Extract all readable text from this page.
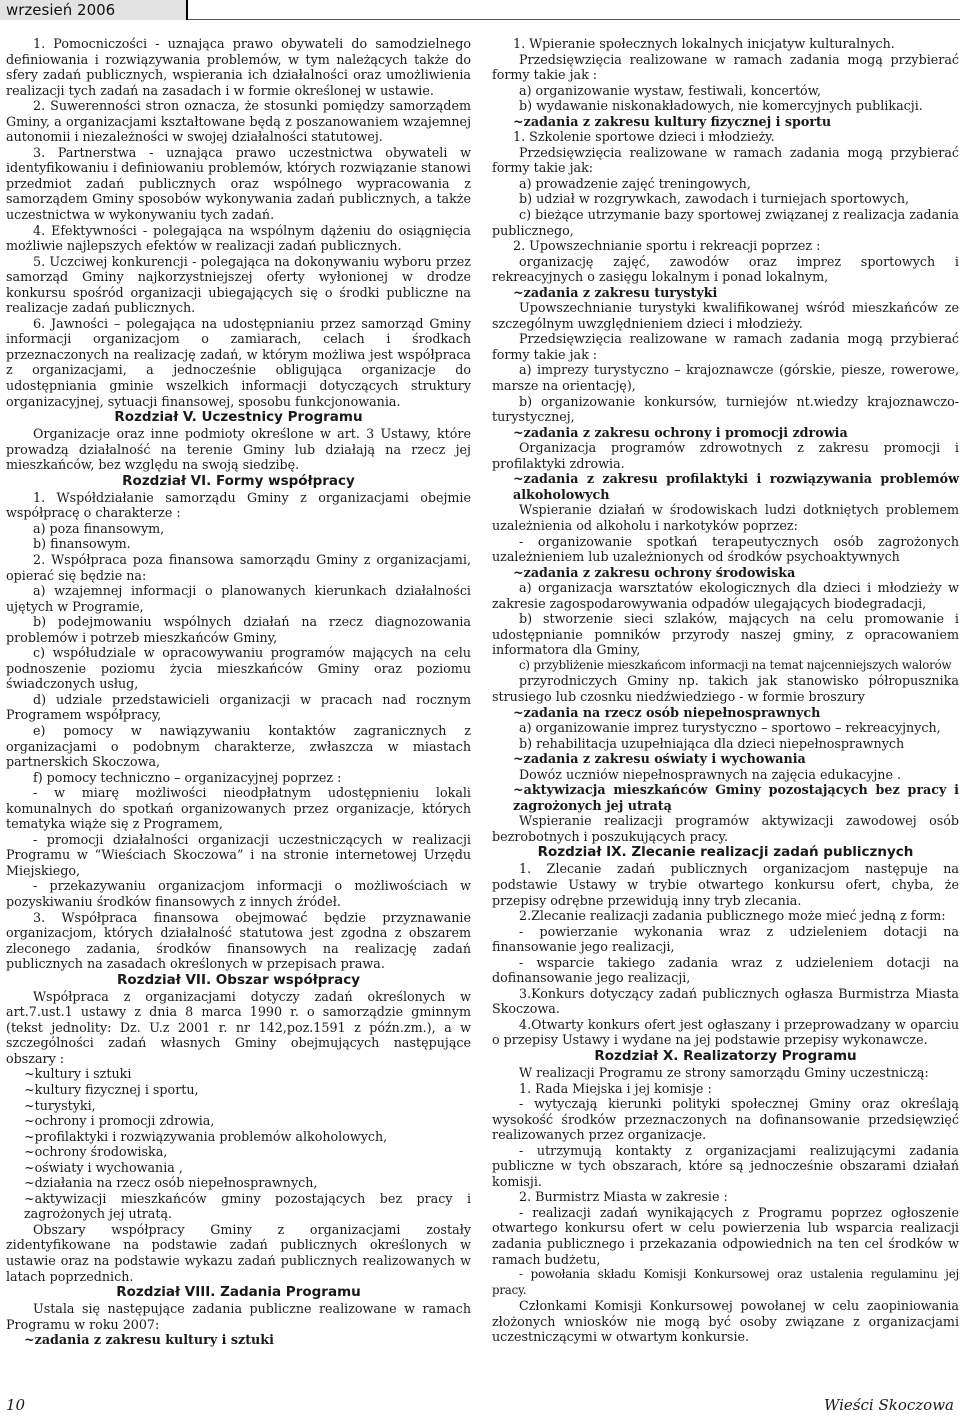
wrzesień 2006

1. Pomocniczości - uznająca prawo obywateli do samodzielnego definiowania i rozwiązywania problemów, w tym należących także do sfery zadań publicznych, wspierania ich działalności oraz umożliwienia realizacji tych zadań na zasadach i w formie określonej w ustawie.

2. Suwerenności stron oznacza, że stosunki pomiędzy samorządem Gminy, a organizacjami kształtowane będą z poszanowaniem wzajemnej autonomii i niezależności w swojej działalności statutowej.

3. Partnerstwa - uznająca prawo uczestnictwa obywateli w identyfikowaniu i definiowaniu problemów, których rozwiązanie stanowi przedmiot zadań publicznych oraz wspólnego wypracowania z samorządem Gminy sposobów wykonywania zadań publicznych, a także uczestnictwa w wykonywaniu tych zadań.

4. Efektywności - polegająca na wspólnym dążeniu do osiągnięcia możliwie najlepszych efektów w realizacji zadań publicznych.

5. Uczciwej konkurencji - polegająca na dokonywaniu wyboru przez samorząd Gminy najkorzystniejszej oferty wyłonionej w drodze konkursu spośród organizacji ubiegających się o środki publiczne na realizacje zadań publicznych.

6. Jawności – polegająca na udostępnianiu przez samorząd Gminy informacji organizacjom o zamiarach, celach i środkach przeznaczonych na realizację zadań, w którym możliwa jest współpraca z organizacjami, a jednocześnie obligująca organizacje do udostępniania gminie wszelkich informacji dotyczących struktury organizacyjnej, sytuacji finansowej, sposobu funkcjonowania.

Rozdział V. Uczestnicy Programu

Organizacje oraz inne podmioty określone w art. 3 Ustawy, które prowadzą działalność na terenie Gminy lub działają na rzecz jej mieszkańców, bez względu na swoją siedzibę.

Rozdział VI. Formy współpracy

1. Współdziałanie samorządu Gminy z organizacjami obejmie współpracę o charakterze :

a) poza finansowym,

b) finansowym.

2. Współpraca poza finansowa samorządu Gminy z organizacjami, opierać się będzie na:

a) wzajemnej informacji o planowanych kierunkach działalności ujętych w Programie,

b) podejmowaniu wspólnych działań na rzecz diagnozowania problemów i potrzeb mieszkańców Gminy,

c) współudziale w opracowywaniu programów mających na celu podnoszenie poziomu życia mieszkańców Gminy oraz poziomu świadczonych usług,

d) udziale przedstawicieli organizacji w pracach nad rocznym Programem współpracy,

e) pomocy w nawiązywaniu kontaktów zagranicznych z organizacjami o podobnym charakterze, zwłaszcza w miastach partnerskich Skoczowa,

f) pomocy techniczno – organizacyjnej poprzez :

- w miarę możliwości nieodpłatnym udostępnieniu lokali komunalnych do spotkań organizowanych przez organizacje, których tematyka wiąże się z Programem,

- promocji działalności organizacji uczestniczących w realizacji Programu w “Wieściach Skoczowa” i na stronie internetowej Urzędu Miejskiego,

- przekazywaniu organizacjom informacji o możliwościach w pozyskiwaniu środków finansowych z innych źródeł.

3. Współpraca finansowa obejmować będzie przyznawanie organizacjom, których działalność statutowa jest zgodna z obszarem zleconego zadania, środków finansowych na realizację zadań publicznych na zasadach określonych w przepisach prawa.

Rozdział VII. Obszar współpracy

Współpraca z organizacjami dotyczy zadań określonych w art.7.ust.1 ustawy z dnia 8 marca 1990 r. o samorządzie gminnym (tekst jednolity: Dz. U.z 2001 r. nr 142,poz.1591 z późn.zm.), a w szczególności zadań własnych Gminy obejmujących następujące obszary :

~kultury i sztuki

~kultury fizycznej i sportu,

~turystyki,

~ochrony i promocji zdrowia,

~profilaktyki i rozwiązywania problemów alkoholowych,

~ochrony środowiska,

~oświaty i wychowania ,

~działania na rzecz osób niepełnosprawnych,

~aktywizacji mieszkańców gminy pozostających bez pracy i zagrożonych jej utratą.

Obszary współpracy Gminy z organizacjami zostały zidentyfikowane na podstawie zadań publicznych określonych w ustawie oraz na podstawie wykazu zadań publicznych realizowanych w latach poprzednich.

Rozdział VIII. Zadania Programu

Ustala się następujące zadania publiczne realizowane w ramach Programu w roku 2007:

~zadania z zakresu kultury i sztuki

1. Wpieranie społecznych lokalnych inicjatyw kulturalnych.

Przedsięwzięcia realizowane w ramach zadania mogą przybierać formy takie jak :

a) organizowanie wystaw, festiwali, koncertów,

b) wydawanie niskonakładowych, nie komercyjnych publikacji.

~zadania z zakresu kultury fizycznej i sportu

1. Szkolenie sportowe dzieci i młodzieży.

Przedsięwzięcia realizowane w ramach zadania mogą przybierać formy takie jak:

a) prowadzenie zajęć treningowych,

b) udział w rozgrywkach, zawodach i turniejach sportowych,

c) bieżące utrzymanie bazy sportowej związanej z realizacja zadania publicznego,

2. Upowszechnianie sportu i rekreacji poprzez :

organizację zajęć, zawodów oraz imprez sportowych i rekreacyjnych o zasięgu lokalnym i ponad lokalnym,

~zadania z zakresu turystyki

Upowszechnianie turystyki kwalifikowanej wśród mieszkańców ze szczególnym uwzględnieniem dzieci i młodzieży.

Przedsięwzięcia realizowane w ramach zadania mogą przybierać formy takie jak :

a) imprezy turystyczno – krajoznawcze (górskie, piesze, rowerowe, marsze na orientację),

b) organizowanie konkursów, turniejów nt.wiedzy krajoznawczo-turystycznej,

~zadania z zakresu ochrony i promocji zdrowia

Organizacja programów zdrowotnych z zakresu promocji i profilaktyki zdrowia.

~zadania z zakresu profilaktyki i rozwiązywania problemów alkoholowych

Wspieranie działań w środowiskach ludzi dotkniętych problemem uzależnienia od alkoholu i narkotyków poprzez:

- organizowanie spotkań terapeutycznych osób zagrożonych uzależnieniem lub uzależnionych od środków psychoaktywnych

~zadania z zakresu ochrony środowiska

a) organizacja warsztatów ekologicznych dla dzieci i młodzieży w zakresie zagospodarowywania odpadów ulegających biodegradacji,

b) stworzenie sieci szlaków, mających na celu promowanie i udostępnianie pomników przyrody naszej gminy, z opracowaniem informatora dla Gminy,

c) przybliżenie mieszkańcom informacji na temat najcenniejszych walorów

przyrodniczych Gminy np. takich jak stanowisko półropusznika strusiego lub czosnku niedźwiedziego - w formie broszury

~zadania na rzecz osób niepełnosprawnych

a) organizowanie imprez turystyczno – sportowo – rekreacyjnych,

b) rehabilitacja uzupełniająca dla dzieci niepełnosprawnych

~zadania z zakresu oświaty i wychowania

Dowóz uczniów niepełnosprawnych na zajęcia edukacyjne .

~aktywizacja mieszkańców Gminy pozostających bez pracy i zagrożonych jej utratą

Wspieranie realizacji programów aktywizacji zawodowej osób bezrobotnych i poszukujących pracy.

Rozdział IX. Zlecanie realizacji zadań publicznych

1. Zlecanie zadań publicznych organizacjom następuje na podstawie Ustawy w trybie otwartego konkursu ofert, chyba, że przepisy odrębne przewidują inny tryb zlecania.

2.Zlecanie realizacji zadania publicznego może mieć jedną z form:

- powierzanie wykonania wraz z udzieleniem dotacji na finansowanie jego realizacji,

- wsparcie takiego zadania wraz z udzieleniem dotacji na dofinansowanie jego realizacji,

3.Konkurs dotyczący zadań publicznych ogłasza Burmistrza Miasta Skoczowa.

4.Otwarty konkurs ofert jest ogłaszany i przeprowadzany w oparciu o przepisy Ustawy i wydane na jej podstawie przepisy wykonawcze.

Rozdział X. Realizatorzy Programu

W realizacji Programu ze strony samorządu Gminy uczestniczą:

1. Rada Miejska i jej komisje :

- wytyczają kierunki polityki społecznej Gminy oraz określają wysokość środków przeznaczonych na dofinansowanie przedsięwzięć realizowanych przez organizacje.

- utrzymują kontakty z organizacjami realizującymi zadania publiczne w tych obszarach, które są jednocześnie obszarami działań komisji.

2. Burmistrz Miasta w zakresie :

- realizacji zadań wynikających z Programu poprzez ogłoszenie otwartego konkursu ofert w celu powierzenia lub wsparcia realizacji zadania publicznego i przekazania odpowiednich na ten cel środków w ramach budżetu,

- powołania składu Komisji Konkursowej oraz ustalenia regulaminu jej pracy.

Członkami Komisji Konkursowej powołanej w celu zaopiniowania złożonych wniosków nie mogą być osoby związane z organizacjami uczestniczącymi w otwartym konkursie.

10	Wieści Skoczowa
